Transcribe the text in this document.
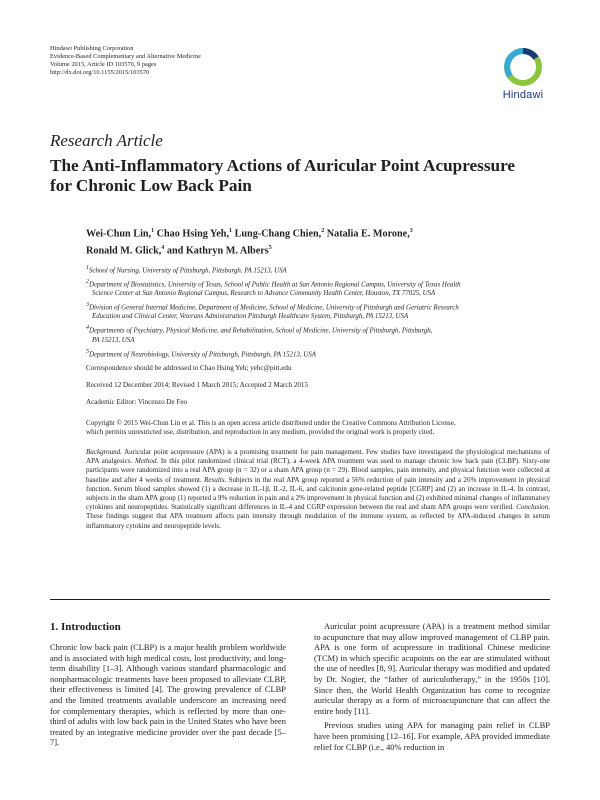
Hindawi Publishing Corporation
Evidence-Based Complementary and Alternative Medicine
Volume 2015, Article ID 103570, 9 pages
http://dx.doi.org/10.1155/2015/103570
Hindawi
Research Article
The Anti-Inflammatory Actions of Auricular Point Acupressure
for Chronic Low Back Pain
Wei-Chun Lin,$^1$ Chao Hsing Yeh,$^1$ Lung-Chang Chien,$^2$ Natalia E. Morone,$^3$
Ronald M. Glick,$^4$ and Kathryn M. Albers$^5$
$^1$School of Nursing, University of Pittsburgh, Pittsburgh, PA 15213, USA
$^2$Department of Biostatistics, University of Texas, School of Public Health at San Antonio Regional Campus, University of Texas Health
Science Center at San Antonio Regional Campus, Research to Advance Community Health Center, Houston, TX 77025, USA
$^3$Division of General Internal Medicine, Department of Medicine, School of Medicine, University of Pittsburgh and Geriatric Research
Education and Clinical Center, Veterans Administration Pittsburgh Healthcare System, Pittsburgh, PA 15213, USA
$^4$Departments of Psychiatry, Physical Medicine, and Rehabilitation, School of Medicine, University of Pittsburgh, Pittsburgh,
PA 15213, USA
$^5$Department of Neurobiology, University of Pittsburgh, Pittsburgh, PA 15213, USA
Correspondence should be addressed to Chao Hsing Yeh; yehc@pitt.edu
Received 12 December 2014; Revised 1 March 2015; Accepted 2 March 2015
Academic Editor: Vincenzo De Feo
Copyright © 2015 Wei-Chun Lin et al. This is an open access article distributed under the Creative Commons Attribution License,
which permits unrestricted use, distribution, and reproduction in any medium, provided the original work is properly cited.
Background. Auricular point acupressure (APA) is a promising treatment for pain management. Few studies have investigated the physiological mechanisms of APA analgesics. Method. In this pilot randomized clinical trial (RCT), a 4-week APA treatment was used to manage chronic low back pain (CLBP). Sixty-one participants were randomized into a real APA group (n = 32) or a sham APA group (n = 29). Blood samples, pain intensity, and physical function were collected at baseline and after 4 weeks of treatment. Results. Subjects in the real APA group reported a 56% reduction of pain intensity and a 26% improvement in physical function. Serum blood samples showed (1) a decrease in IL-1β, IL-2, IL-6, and calcitonin gene-related peptide [CGRP] and (2) an increase in IL-4. In contrast, subjects in the sham APA group (1) reported a 9% reduction in pain and a 2% improvement in physical function and (2) exhibited minimal changes of inflammatory cytokines and neuropeptides. Statistically significant differences in IL-4 and CGRP expression between the real and sham APA groups were verified. Conclusion. These findings suggest that APA treatment affects pain intensity through modulation of the immune system, as reflected by APA-induced changes in serum inflammatory cytokine and neuropeptide levels.
1. Introduction

Chronic low back pain (CLBP) is a major health problem worldwide and is associated with high medical costs, lost productivity, and long-term disability [1–3]. Although various standard pharmacologic and nonpharmacologic treatments have been proposed to alleviate CLBP, their effectiveness is limited [4]. The growing prevalence of CLBP and the limited treatments available underscore an increasing need for complementary therapies, which is reflected by more than one-third of adults with low back pain in the United States who have been treated by an integrative medicine provider over the past decade [5–7].

Auricular point acupressure (APA) is a treatment method similar to acupuncture that may allow improved management of CLBP pain. APA is one form of acupressure in traditional Chinese medicine (TCM) in which specific acupoints on the ear are stimulated without the use of needles [8, 9]. Auricular therapy was modified and updated by Dr. Nogier, the “father of auriculotherapy,” in the 1950s [10]. Since then, the World Health Organization has come to recognize auricular therapy as a form of microacupuncture that can affect the entire body [11].

Previous studies using APA for managing pain relief in CLBP have been promising [12–16]. For example, APA provided immediate relief for CLBP (i.e., 40% reduction in
